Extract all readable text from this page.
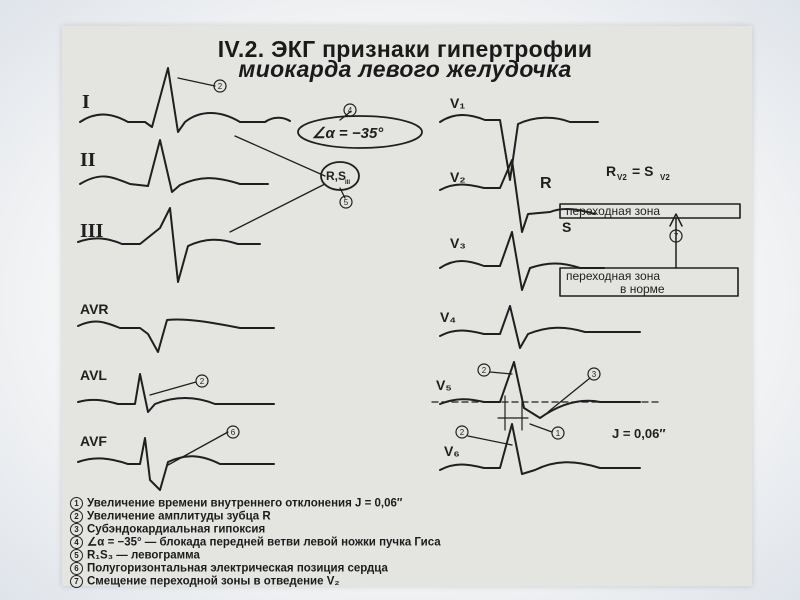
IV.2. ЭКГ признаки гипертрофии
миокарда левого желудочка
I
II
III
AVR
AVL
AVF
V₁
V₂
V₃
V₄
V₅
V₆
∠α = −35°
R,S
III	R
S
R V2 = S V2
переходная зона
переходная зона
в норме
J = 0,06″
2
4
5
2
6
2	3
1
2
7
1 Увеличение времени внутреннего отклонения J = 0,06″
2 Увеличение амплитуды зубца R
3 Субэндокардиальная гипоксия
4 ∠α = −35° — блокада передней ветви левой ножки пучка Гиса
5 R₁S₃ — левограмма
6 Полугоризонтальная электрическая позиция сердца
7 Смещение переходной зоны в отведение V₂
